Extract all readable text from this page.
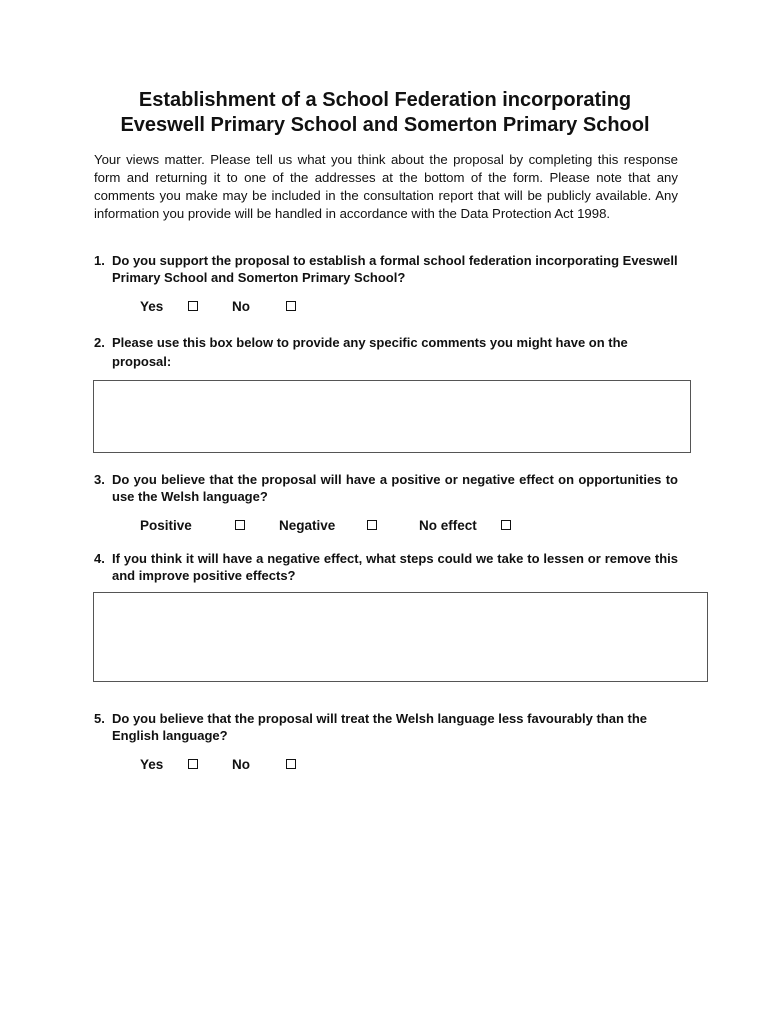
Establishment of a School Federation incorporating
Eveswell Primary School and Somerton Primary School
Your views matter. Please tell us what you think about the proposal by completing this response form and returning it to one of the addresses at the bottom of the form. Please note that any comments you make may be included in the consultation report that will be publicly available. Any information you provide will be handled in accordance with the Data Protection Act 1998.
1. Do you support the proposal to establish a formal school federation incorporating Eveswell Primary School and Somerton Primary School?
Yes	No
2. Please use this box below to provide any specific comments you might have on the proposal:
3. Do you believe that the proposal will have a positive or negative effect on opportunities to use the Welsh language?
Positive	Negative	No effect
4. If you think it will have a negative effect, what steps could we take to lessen or remove this and improve positive effects?
5. Do you believe that the proposal will treat the Welsh language less favourably than the English language?
Yes	No
